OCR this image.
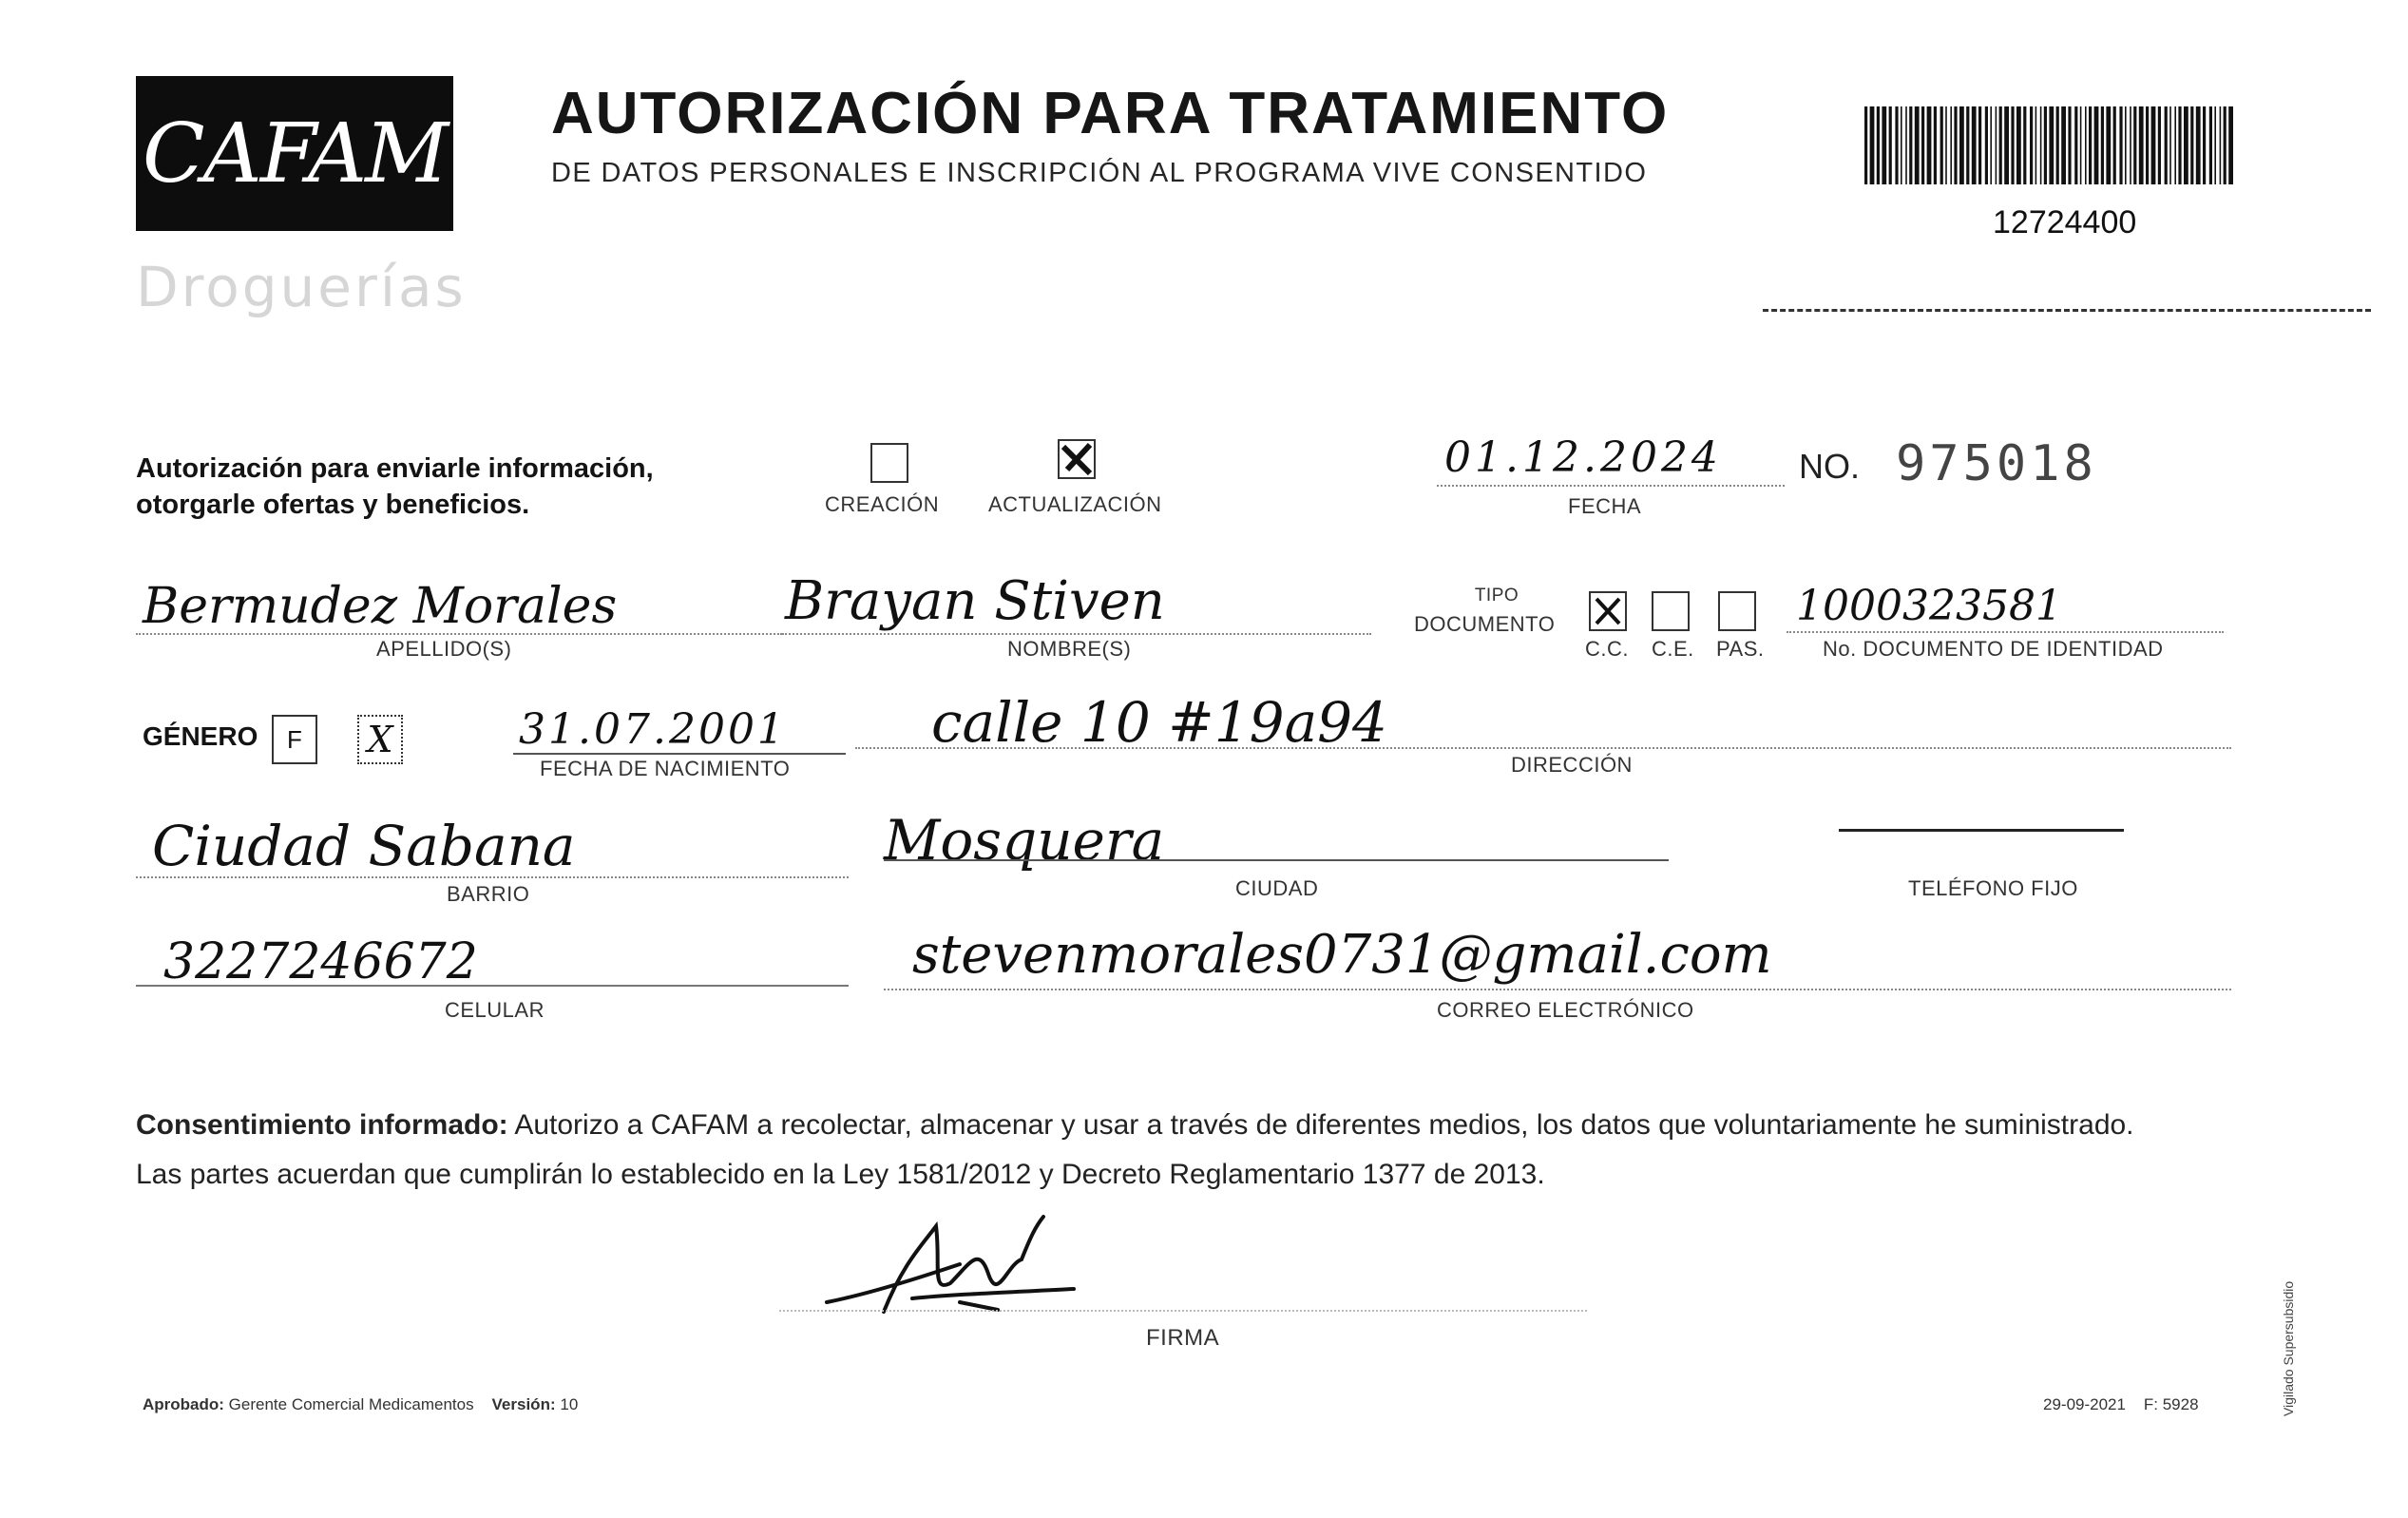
CAFAM
Droguerías
AUTORIZACIÓN PARA TRATAMIENTO
DE DATOS PERSONALES E INSCRIPCIÓN AL PROGRAMA VIVE CONSENTIDO
12724400
Autorización para enviarle información,
otorgarle ofertas y beneficios.	CREACIÓN ACTUALIZACIÓN
01.12.2024
FECHA
NO. 975018
Bermudez Morales
APELLIDO(S)
Brayan Stiven
NOMBRE(S)
TIPO
DOCUMENTO
C.C. C.E. PAS.
1000323581
No. DOCUMENTO DE IDENTIDAD
GÉNERO F X	31.07.2001
FECHA DE NACIMIENTO
calle 10 #19a94
DIRECCIÓN
Ciudad Sabana
BARRIO
Mosquera
CIUDAD	TELÉFONO FIJO
3227246672
CELULAR
stevenmorales0731@gmail.com
CORREO ELECTRÓNICO
Consentimiento informado: Autorizo a CAFAM a recolectar, almacenar y usar a través de diferentes medios, los datos que voluntariamente he suministrado.
Las partes acuerdan que cumplirán lo establecido en la Ley 1581/2012 y Decreto Reglamentario 1377 de 2013.
FIRMA
Aprobado: Gerente Comercial Medicamentos Versión: 10	29-09-2021 F: 5928	Vigilado Supersubsidio
